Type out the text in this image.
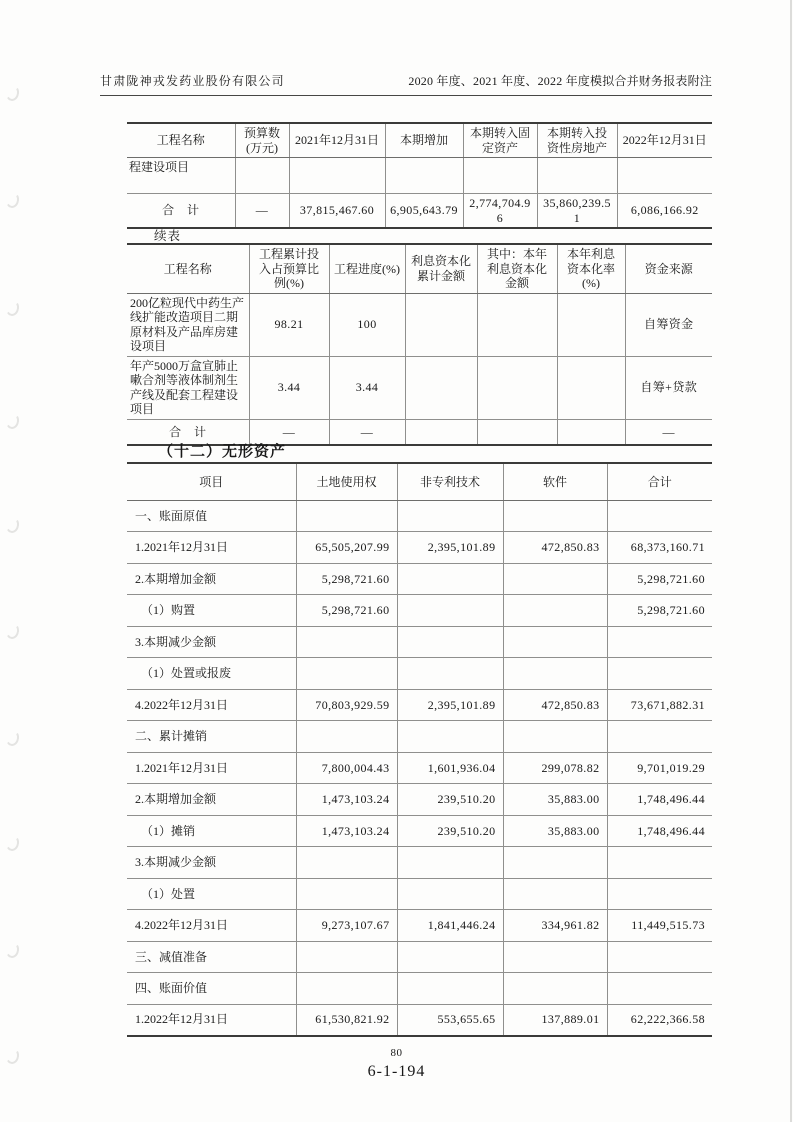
甘肃陇神戎发药业股份有限公司	2020 年度、2021 年度、2022 年度模拟合并财务报表附注
工程名称	预算数(万元)	2021年12月31日	本期增加	本期转入固定资产	本期转入投资性房地产	2022年12月31日
程建设项目						
合　计	—	37,815,467.60	6,905,643.79	2,774,704.96	35,860,239.51	6,086,166.92
续表
工程名称	工程累计投入占预算比例(%)	工程进度(%)	利息资本化累计金额	其中：本年利息资本化金额	本年利息资本化率(%)	资金来源
200亿粒现代中药生产线扩能改造项目二期原材料及产品库房建设项目	98.21	100				自筹资金
年产5000万盒宣肺止嗽合剂等液体制剂生产线及配套工程建设项目	3.44	3.44				自筹+贷款
合　计	—	—				—
（十二）无形资产
项目	土地使用权	非专利技术	软件	合计
一、账面原值				
1.2021年12月31日	65,505,207.99	2,395,101.89	472,850.83	68,373,160.71
2.本期增加金额	5,298,721.60			5,298,721.60
（1）购置	5,298,721.60			5,298,721.60
3.本期减少金额				
（1）处置或报废				
4.2022年12月31日	70,803,929.59	2,395,101.89	472,850.83	73,671,882.31
二、累计摊销				
1.2021年12月31日	7,800,004.43	1,601,936.04	299,078.82	9,701,019.29
2.本期增加金额	1,473,103.24	239,510.20	35,883.00	1,748,496.44
（1）摊销	1,473,103.24	239,510.20	35,883.00	1,748,496.44
3.本期减少金额				
（1）处置				
4.2022年12月31日	9,273,107.67	1,841,446.24	334,961.82	11,449,515.73
三、减值准备				
四、账面价值				
1.2022年12月31日	61,530,821.92	553,655.65	137,889.01	62,222,366.58
80
6-1-194
